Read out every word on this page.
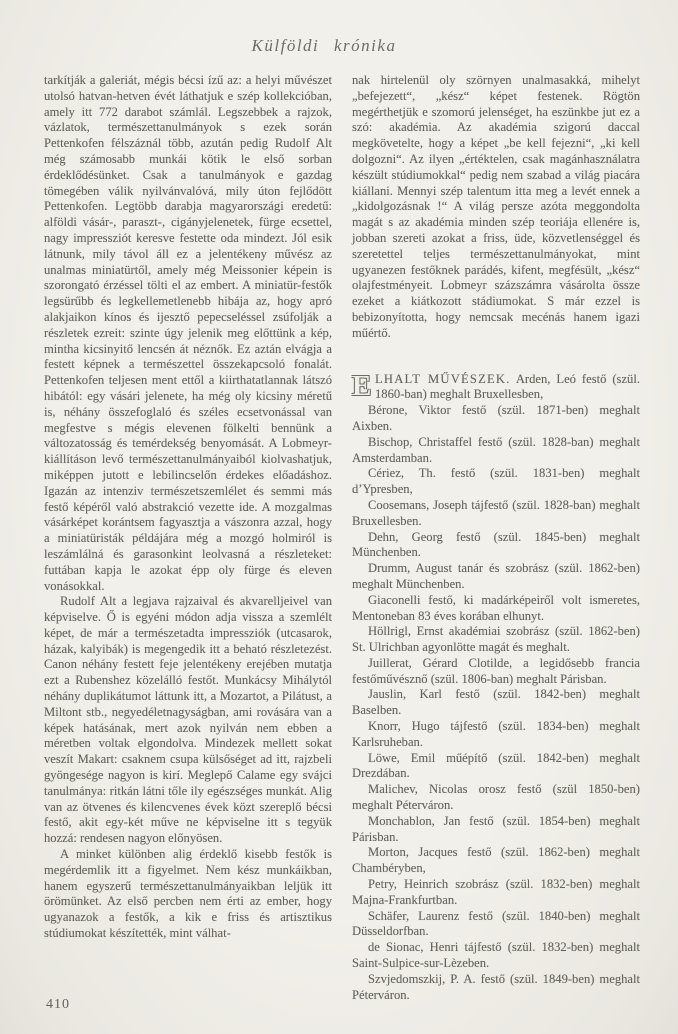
Külföldi krónika

tarkítják a galeriát, mégis bécsi ízű az: a helyi művészet utolsó hatvan-hetven évét láthatjuk e szép kollekcióban, amely itt 772 darabot számlál. Legszebbek a rajzok, vázlatok, természettanulmányok s ezek során Pettenkofen félszáznál több, azután pedig Rudolf Alt még számosabb munkái kötik le első sorban érdeklődésünket. Csak a tanulmányok e gazdag tömegében válik nyilvánvalóvá, mily úton fejlődött Pettenkofen. Legtöbb darabja magyarországi eredetű: alföldi vásár-, paraszt-, cigányjelenetek, fürge ecsettel, nagy impressziót keresve festette oda mindezt. Jól esik látnunk, mily távol áll ez a jelentékeny művész az unalmas miniatürtől, amely még Meissonier képein is szorongató érzéssel tölti el az embert. A miniatür-festők legsürűbb és legkellemetlenebb hibája az, hogy apró alakjaikon kínos és ijesztő pepecseléssel zsúfolják a részletek ezreit: szinte úgy jelenik meg előttünk a kép, mintha kicsinyitő lencsén át néznők. Ez aztán elvágja a festett képnek a természettel összekapcsoló fonalát. Pettenkofen teljesen ment ettől a kiirthatatlannak látszó hibától: egy vásári jelenete, ha még oly kicsiny méretű is, néhány összefoglaló és széles ecsetvonással van megfestve s mégis elevenen fölkelti bennünk a változatosság és temérdekség benyomását. A Lobmeyr-kiállításon levő természettanulmányaiból kiolvashatjuk, miképpen jutott e lebilincselőn érdekes előadáshoz. Igazán az intenziv természetszemlélet és semmi más festő képéről való abstrakció vezette ide. A mozgalmas vásárképet korántsem fagyasztja a vászonra azzal, hogy a miniatüristák példájára még a mozgó holmiról is leszámlálná és garasonkint leolvasná a részleteket: futtában kapja le azokat épp oly fürge és eleven vonásokkal.

Rudolf Alt a legjava rajzaival és akvarelljeivel van képviselve. Ő is egyéni módon adja vissza a szemlélt képet, de már a természetadta impressziók (utcasarok, házak, kalyibák) is megengedik itt a beható részletezést. Canon néhány festett feje jelentékeny erejében mutatja ezt a Rubenshez közelálló festőt. Munkácsy Mihálytól néhány duplikátumot láttunk itt, a Mozartot, a Pilátust, a Miltont stb., negyedéletnagyságban, ami rovására van a képek hatásának, mert azok nyilván nem ebben a méretben voltak elgondolva. Mindezek mellett sokat veszít Makart: csaknem csupa külsőséget ad itt, rajzbeli gyöngesége nagyon is kirí. Meglepő Calame egy svájci tanulmánya: ritkán látni tőle ily egészséges munkát. Alig van az ötvenes és kilencvenes évek közt szereplő bécsi festő, akit egy-két műve ne képviselne itt s tegyük hozzá: rendesen nagyon előnyösen.

A minket különben alig érdeklő kisebb festők is megérdemlik itt a figyelmet. Nem kész munkáikban, hanem egyszerű természettanulmányaikban leljük itt örömünket. Az első percben nem érti az ember, hogy ugyanazok a festők, a kik e friss és artisztikus stúdiumokat készítették, mint válhat-

nak hirtelenül oly szörnyen unalmasakká, mihelyt „befejezett“, „kész“ képet festenek. Rögtön megérthetjük e szomorú jelenséget, ha eszünkbe jut ez a szó: akadémia. Az akadémia szigorú daccal megkövetelte, hogy a képet „be kell fejezni“, „ki kell dolgozni“. Az ilyen „értéktelen, csak magánhasználatra készült stúdiumokkal“ pedig nem szabad a világ piacára kiállani. Mennyi szép talentum itta meg a levét ennek a „kidolgozásnak !“ A világ persze azóta meggondolta magát s az akadémia minden szép teoriája ellenére is, jobban szereti azokat a friss, üde, közvetlenséggel és szeretettel teljes természettanulmányokat, mint ugyanezen festőknek parádés, kifent, megfésült, „kész“ olajfestményeit. Lobmeyr százszámra vásárolta össze ezeket a kiátkozott stádiumokat. S már ezzel is bebizonyította, hogy nemcsak mecénás hanem igazi műértő.

ELHALT MŰVÉSZEK. Arden, Leó festő (szül. 1860-ban) meghalt Bruxellesben,

Bérone, Viktor festő (szül. 1871-ben) meghalt Aixben.

Bischop, Christaffel festő (szül. 1828-ban) meghalt Amsterdamban.

Cériez, Th. festő (szül. 1831-ben) meghalt d’Ypresben,

Coosemans, Joseph tájfestő (szül. 1828-ban) meghalt Bruxellesben.

Dehn, Georg festő (szül. 1845-ben) meghalt Münchenben.

Drumm, August tanár és szobrász (szül. 1862-ben) meghalt Münchenben.

Giaconelli festő, ki madárképeiről volt ismeretes, Mentoneban 83 éves korában elhunyt.

Höllrigl, Ernst akadémiai szobrász (szül. 1862-ben) St. Ulrichban agyonlötte magát és meghalt.

Juillerat, Gérard Clotilde, a legidősebb francia festőművésznő (szül. 1806-ban) meghalt Párisban.

Jauslin, Karl festő (szül. 1842-ben) meghalt Baselben.

Knorr, Hugo tájfestő (szül. 1834-ben) meghalt Karlsruheban.

Löwe, Emil műépítő (szül. 1842-ben) meghalt Drezdában.

Malichev, Nicolas orosz festő (szül 1850-ben) meghalt Péterváron.

Monchablon, Jan festő (szül. 1854-ben) meghalt Párisban.

Morton, Jacques festő (szül. 1862-ben) meghalt Chambéryben,

Petry, Heinrich szobrász (szül. 1832-ben) meghalt Majna-Frankfurtban.

Schäfer, Laurenz festő (szül. 1840-ben) meghalt Düsseldorfban.

de Sionac, Henri tájfestő (szül. 1832-ben) meghalt Saint-Sulpice-sur-Lèzeben.

Szvjedomszkij, P. A. festő (szül. 1849-ben) meghalt Péterváron.

410
